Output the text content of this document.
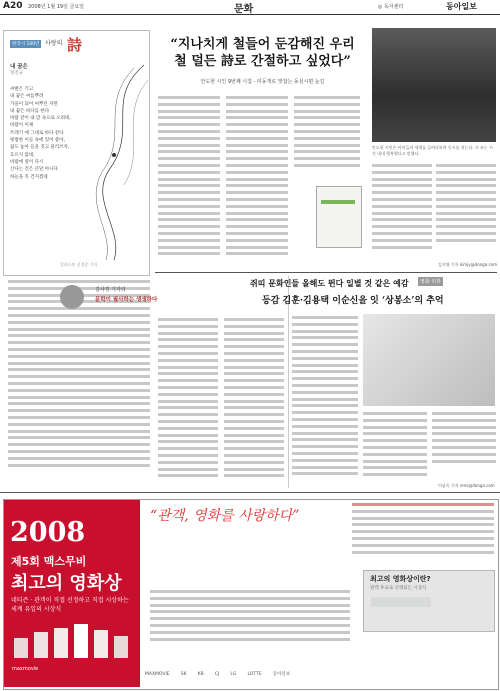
A20 2008년 1월 19일 금요일	문화	◎ 독자센터	동아일보
한국시 100년 사랑의 詩
내 꿈은
정진규
씨발은 기고
내 꿈은 씨를뿌려
가을이 되어 씨뿌린 자면
내 꿈은 바다를 한다
바람 같이 내 맘 속으로 오려네,
바람이 이제
쓰레기 예 그대로 바다 같다
평범한 이들 속에 있어 좋아,
꿈도 놓아 들을 것고 물러쓰자,
흐르지 않네,
바람에 옆이 다시
산다는 것은 큰달 아니다
하늘을 꼭 건지겠네
일러스트 신경순 기자
“지나치게 철들어 둔감해진 우리
철 덜든 詩로 간절하고 싶었다”
안도현 시인 9번째 시집 - 띠동개로 맞잡는 동심시편 눈길
안도현 시인은 아이들의 세계를 들여다보며 동시를 짓는다. 시 쓰는 시간 내내 행복했다고 말했다.
김지영 기자 kimjy@donga.com
김사경 기자의
문학이 필사하는 생생하다
영화 리뷰
쥐띠 문화인들 올해도 뛴다 일별 것 같은 예감
등감 김훈·김용택 이순신을 잇 ‘상봉소’의 추억
이남숙 기자 nms@donga.com
2008
제5회 맥스무비
최고의 영화상
네티즌 · 관객이 직접 선정하고 직접 시상하는 세계 유일의 시상식
maxmovie
“관객, 영화를 사랑하다”
최고의 영화상이란?
관객 투표로 선정되는 시상식
MAXMOVIE SK KB CJ LG LOTTE 동아일보
